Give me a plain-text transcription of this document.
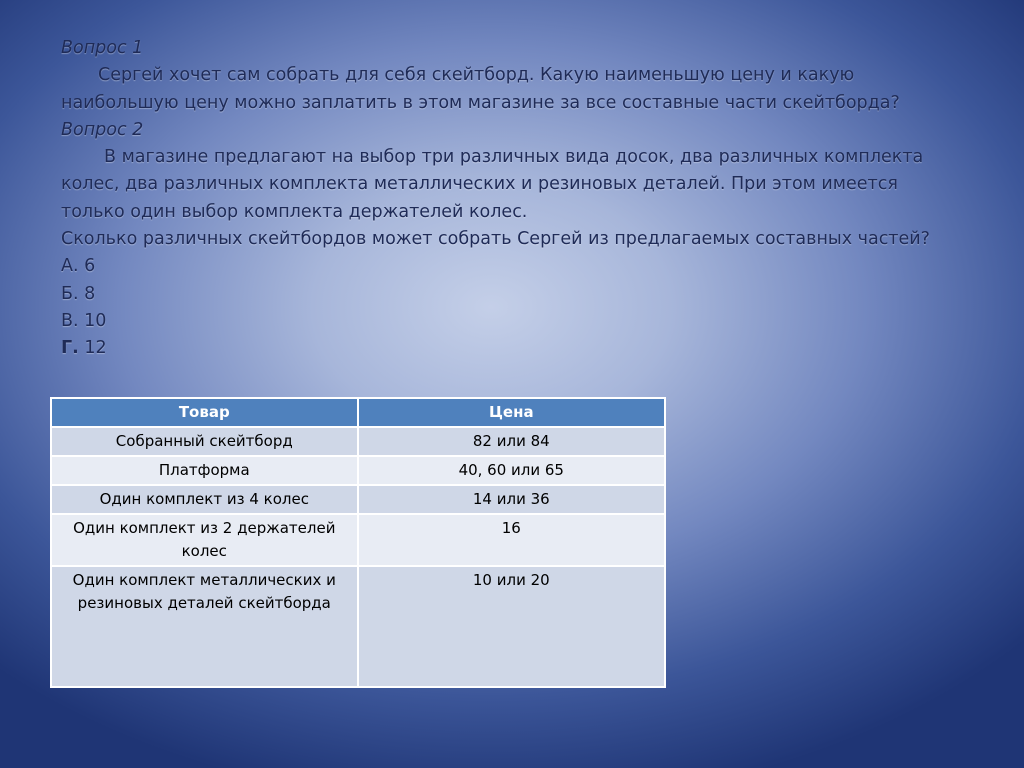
Вопрос 1
Сергей хочет сам собрать для себя скейтборд. Какую наименьшую цену и какую
наибольшую цену можно заплатить в этом магазине за все составные части скейтборда?
Вопрос 2
В магазине предлагают на выбор три различных вида досок, два различных комплекта
колес, два различных комплекта металлических и резиновых деталей. При этом имеется
только один выбор комплекта держателей колес.
Сколько различных скейтбордов может собрать Сергей из предлагаемых составных частей?
А. 6
Б. 8
В. 10
Г. 12
Товар	Цена
Собранный скейтборд	82 или 84
Платформа	40, 60 или 65
Один комплект из 4 колес	14 или 36

Один комплект из 2 держателей
колес	16

Один комплект металлических и
резиновых деталей скейтборда	10 или 20
